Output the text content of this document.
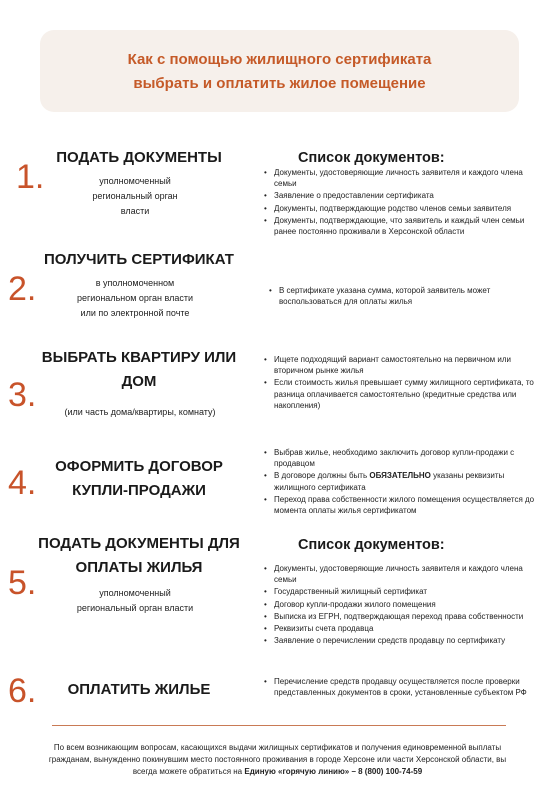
Как с помощью жилищного сертификата
выбрать и оплатить жилое помещение
1.
ПОДАТЬ ДОКУМЕНТЫ
уполномоченный
региональный орган
власти
Список документов:
• Документы, удостоверяющие личность заявителя и каждого члена семьи
• Заявление о предоставлении сертификата
• Документы, подтверждающие родство членов семьи заявителя
• Документы, подтверждающие, что заявитель и каждый член семьи ранее постоянно проживали в Херсонской области
2.
ПОЛУЧИТЬ СЕРТИФИКАТ
в уполномоченном
региональном орган власти
или по электронной почте
• В сертификате указана сумма, которой заявитель может воспользоваться для оплаты жилья
3.
ВЫБРАТЬ КВАРТИРУ ИЛИ
ДОМ
(или часть дома/квартиры, комнату)
• Ищете подходящий вариант самостоятельно на первичном или вторичном рынке жилья
• Если стоимость жилья превышает сумму жилищного сертификата, то разница оплачивается самостоятельно (кредитные средства или накопления)
4.	ОФОРМИТЬ ДОГОВОР
КУПЛИ-ПРОДАЖИ
• Выбрав жилье, необходимо заключить договор купли-продажи с продавцом
• В договоре должны быть ОБЯЗАТЕЛЬНО указаны реквизиты жилищного сертификата
• Переход права собственности жилого помещения осуществляется до момента оплаты жилья сертификатом
5.
ПОДАТЬ ДОКУМЕНТЫ ДЛЯ
ОПЛАТЫ ЖИЛЬЯ
уполномоченный
региональный орган власти
Список документов:
• Документы, удостоверяющие личность заявителя и каждого члена семьи
• Государственный жилищный сертификат
• Договор купли-продажи жилого помещения
• Выписка из ЕГРН, подтверждающая переход права собственности
• Реквизиты счета продавца
• Заявление о перечислении средств продавцу по сертификату
6.	ОПЛАТИТЬ ЖИЛЬЕ
•	Перечисление средств продавцу осуществляется после проверки представленных документов в сроки, установленные субъектом РФ
По всем возникающим вопросам, касающихся выдачи жилищных сертификатов и получения единовременной выплаты
гражданам, вынужденно покинувшим место постоянного проживания в городе Херсоне или части Херсонской области, вы
всегда можете обратиться на Единую «горячую линию» – 8 (800) 100-74-59
